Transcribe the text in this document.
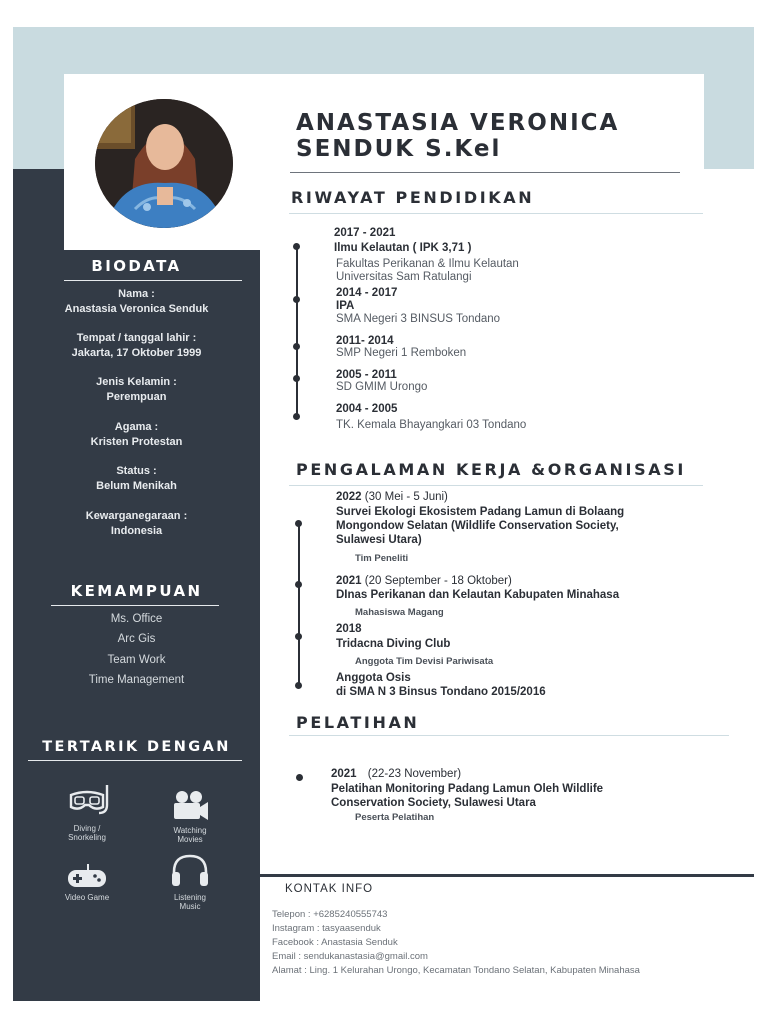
ANASTASIA VERONICA
SENDUK S.Kel
BIODATA
Nama :
Anastasia Veronica Senduk
Tempat / tanggal lahir :
Jakarta, 17 Oktober 1999
Jenis Kelamin :
Perempuan
Agama :
Kristen Protestan
Status :
Belum Menikah
Kewarganegaraan :
Indonesia
KEMAMPUAN
Ms. Office
Arc Gis
Team Work
Time Management
TERTARIK DENGAN
Diving /
Snorkeling
Watching
Movies
Video Game	Listening
Music
RIWAYAT PENDIDIKAN
2017 - 2021
Ilmu Kelautan ( IPK 3,71 )
Fakultas Perikanan & Ilmu Kelautan
Universitas Sam Ratulangi
2014 - 2017
IPA
SMA Negeri 3 BINSUS Tondano
2011- 2014
SMP Negeri 1 Remboken
2005 - 2011
SD GMIM Urongo
2004 - 2005
TK. Kemala Bhayangkari 03 Tondano
PENGALAMAN KERJA &ORGANISASI
2022 (30 Mei - 5 Juni)
Survei Ekologi Ekosistem Padang Lamun di Bolaang
Mongondow Selatan (Wildlife Conservation Society,
Sulawesi Utara)
Tim Peneliti
2021 (20 September - 18 Oktober)
DInas Perikanan dan Kelautan Kabupaten Minahasa
Mahasiswa Magang
2018
Tridacna Diving Club
Anggota Tim Devisi Pariwisata
Anggota Osis
di SMA N 3 Binsus Tondano 2015/2016
PELATIHAN
2021 (22-23 November)
Pelatihan Monitoring Padang Lamun Oleh Wildlife
Conservation Society, Sulawesi Utara
Peserta Pelatihan
KONTAK INFO
Telepon : +6285240555743
Instagram : tasyaasenduk
Facebook : Anastasia Senduk
Email : sendukanastasia@gmail.com
Alamat : Ling. 1 Kelurahan Urongo, Kecamatan Tondano Selatan, Kabupaten Minahasa
